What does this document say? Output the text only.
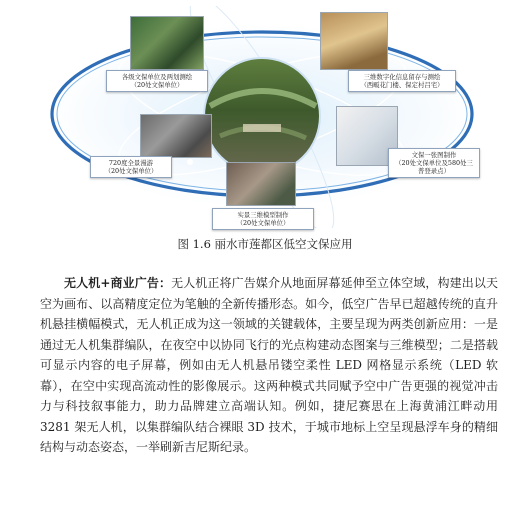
各级文保单位及两划测绘
（20处文保单位）
三维数字化信息留存与测绘
（西畈花门楼、保定村吕宅）
720度全景漫游
（20处文保单位）
文保一张图制作
（20处文保单位及580处三
普登录点）
实景三维模型制作
（20处文保单位）
图 1.6 丽水市莲都区低空文保应用

无人机+商业广告：无人机正将广告媒介从地面屏幕延伸至立体空域，构建出以天空为画布、以高精度定位为笔触的全新传播形态。如今，低空广告早已超越传统的直升机悬挂横幅模式，无人机正成为这一领域的关键载体，主要呈现为两类创新应用：一是通过无人机集群编队，在夜空中以协同飞行的光点构建动态图案与三维模型；二是搭载可显示内容的电子屏幕，例如由无人机悬吊镂空柔性 LED 网格显示系统（LED 软幕），在空中实现高流动性的影像展示。这两种模式共同赋予空中广告更强的视觉冲击力与科技叙事能力，助力品牌建立高端认知。例如，捷尼赛思在上海黄浦江畔动用 3281 架无人机，以集群编队结合裸眼 3D 技术，于城市地标上空呈现悬浮车身的精细结构与动态姿态，一举刷新吉尼斯纪录。
